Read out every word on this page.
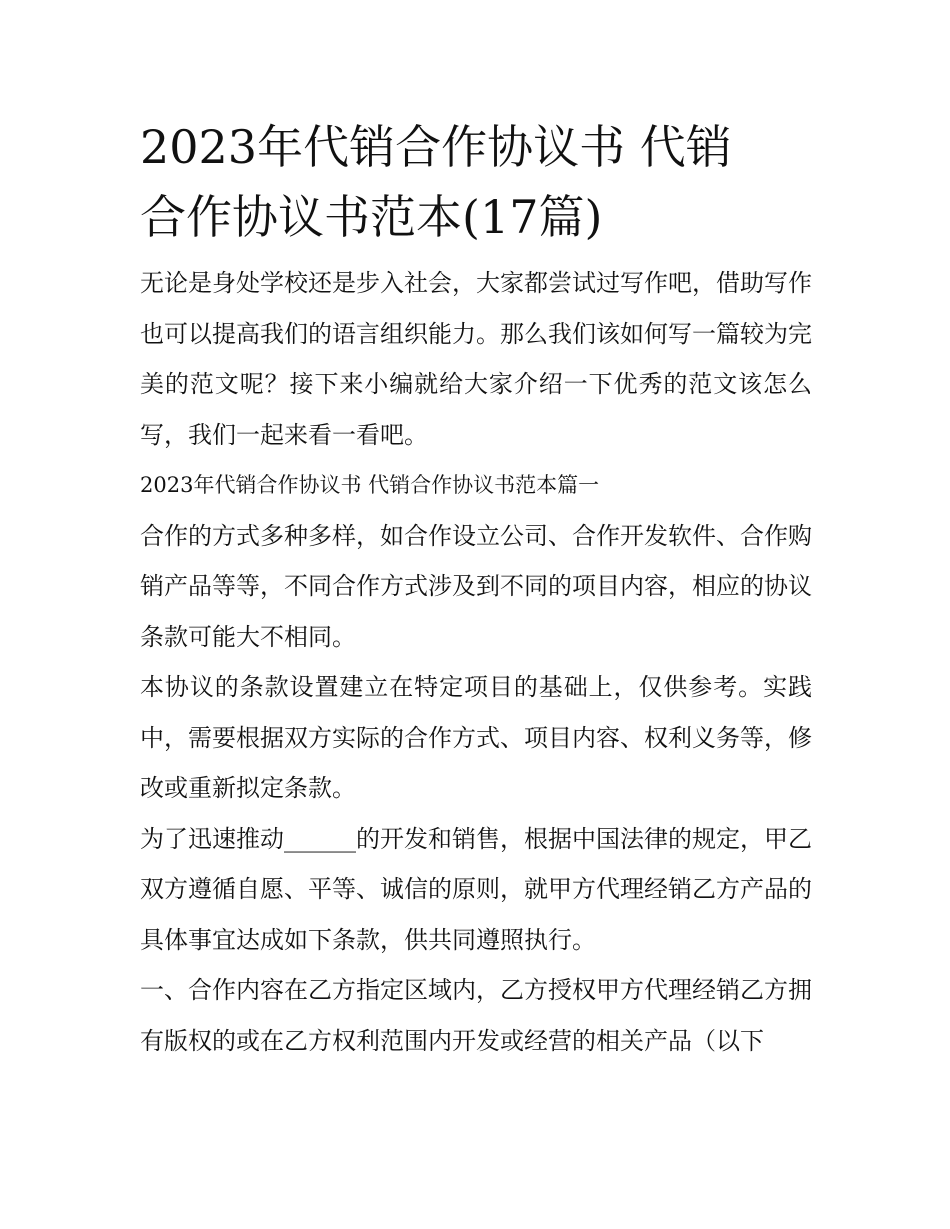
2023年代销合作协议书 代销
合作协议书范本(17篇)

无论是身处学校还是步入社会，大家都尝试过写作吧，借助写作也可以提高我们的语言组织能力。那么我们该如何写一篇较为完美的范文呢？接下来小编就给大家介绍一下优秀的范文该怎么写，我们一起来看一看吧。

2023年代销合作协议书 代销合作协议书范本篇一

合作的方式多种多样，如合作设立公司、合作开发软件、合作购销产品等等，不同合作方式涉及到不同的项目内容，相应的协议条款可能大不相同。

本协议的条款设置建立在特定项目的基础上，仅供参考。实践中，需要根据双方实际的合作方式、项目内容、权利义务等，修改或重新拟定条款。

为了迅速推动______的开发和销售，根据中国法律的规定，甲乙双方遵循自愿、平等、诚信的原则，就甲方代理经销乙方产品的具体事宜达成如下条款，供共同遵照执行。

一、合作内容在乙方指定区域内，乙方授权甲方代理经销乙方拥有版权的或在乙方权利范围内开发或经营的相关产品（以下
